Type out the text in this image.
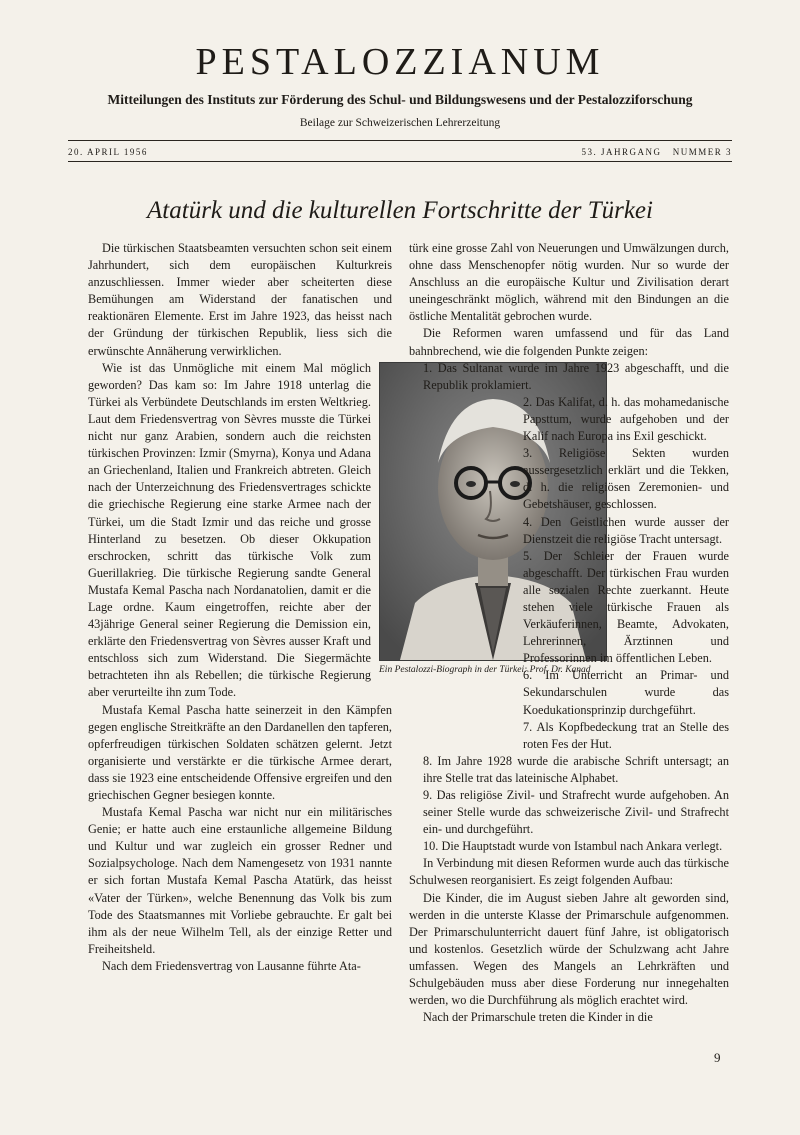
PESTALOZZIANUM
Mitteilungen des Instituts zur Förderung des Schul- und Bildungswesens und der Pestalozziforschung
Beilage zur Schweizerischen Lehrerzeitung
20. APRIL 1956	53. JAHRGANG   NUMMER 3
Atatürk und die kulturellen Fortschritte der Türkei

Die türkischen Staatsbeamten versuchten schon seit einem Jahrhundert, sich dem europäischen Kulturkreis anzuschliessen. Immer wieder aber scheiterten diese Bemühungen am Widerstand der fanatischen und reaktionären Elemente. Erst im Jahre 1923, das heisst nach der Gründung der türkischen Republik, liess sich die erwünschte Annäherung verwirklichen.

Ein Pestalozzi-Biograph in der Türkei: Prof. Dr. Kanad

Wie ist das Unmögliche mit einem Mal möglich geworden? Das kam so: Im Jahre 1918 unterlag die Türkei als Verbündete Deutschlands im ersten Weltkrieg. Laut dem Friedensvertrag von Sèvres musste die Türkei nicht nur ganz Arabien, sondern auch die reichsten türkischen Provinzen: Izmir (Smyrna), Konya und Adana an Griechenland, Italien und Frankreich abtreten. Gleich nach der Unterzeichnung des Friedensvertrages schickte die griechische Regierung eine starke Armee nach der Türkei, um die Stadt Izmir und das reiche und grosse Hinterland zu besetzen. Ob dieser Okkupation erschrocken, schritt das türkische Volk zum Guerillakrieg. Die türkische Regierung sandte General Mustafa Kemal Pascha nach Nordanatolien, damit er die Lage ordne. Kaum eingetroffen, reichte aber der 43jährige General seiner Regierung die Demission ein, erklärte den Friedensvertrag von Sèvres ausser Kraft und entschloss sich zum Widerstand. Die Siegermächte betrachteten ihn als Rebellen; die türkische Regierung aber verurteilte ihn zum Tode.

Mustafa Kemal Pascha hatte seinerzeit in den Kämpfen gegen englische Streitkräfte an den Dardanellen den tapferen, opferfreudigen türkischen Soldaten schätzen gelernt. Jetzt organisierte und verstärkte er die türkische Armee derart, dass sie 1923 eine entscheidende Offensive ergreifen und den griechischen Gegner besiegen konnte.

Mustafa Kemal Pascha war nicht nur ein militärisches Genie; er hatte auch eine erstaunliche allgemeine Bildung und Kultur und war zugleich ein grosser Redner und Sozialpsychologe. Nach dem Namengesetz von 1931 nannte er sich fortan Mustafa Kemal Pascha Atatürk, das heisst «Vater der Türken», welche Benennung das Volk bis zum Tode des Staatsmannes mit Vorliebe gebrauchte. Er galt bei ihm als der neue Wilhelm Tell, als der einzige Retter und Freiheitsheld.

Nach dem Friedensvertrag von Lausanne führte Ata-

türk eine grosse Zahl von Neuerungen und Umwälzungen durch, ohne dass Menschenopfer nötig wurden. Nur so wurde der Anschluss an die europäische Kultur und Zivilisation derart uneingeschränkt möglich, während mit den Bindungen an die östliche Mentalität gebrochen wurde.

Die Reformen waren umfassend und für das Land bahnbrechend, wie die folgenden Punkte zeigen:

1. Das Sultanat wurde im Jahre 1923 abgeschafft, und die Republik proklamiert.

2. Das Kalifat, d. h. das mohamedanische Papsttum, wurde aufgehoben und der Kalif nach Europa ins Exil geschickt.

3. Religiöse Sekten wurden aussergesetzlich erklärt und die Tekken, d. h. die religiösen Zeremonien- und Gebetshäuser, geschlossen.

4. Den Geistlichen wurde ausser der Dienstzeit die religiöse Tracht untersagt.

5. Der Schleier der Frauen wurde abgeschafft. Der türkischen Frau wurden alle sozialen Rechte zuerkannt. Heute stehen viele türkische Frauen als Verkäuferinnen, Beamte, Advokaten, Lehrerinnen, Ärztinnen und Professorinnen im öffentlichen Leben.

6. Im Unterricht an Primar- und Sekundarschulen wurde das Koedukationsprinzip durchgeführt.

7. Als Kopfbedeckung trat an Stelle des roten Fes der Hut.

8. Im Jahre 1928 wurde die arabische Schrift untersagt; an ihre Stelle trat das lateinische Alphabet.

9. Das religiöse Zivil- und Strafrecht wurde aufgehoben. An seiner Stelle wurde das schweizerische Zivil- und Strafrecht ein- und durchgeführt.

10. Die Hauptstadt wurde von Istambul nach Ankara verlegt.

In Verbindung mit diesen Reformen wurde auch das türkische Schulwesen reorganisiert. Es zeigt folgenden Aufbau:

Die Kinder, die im August sieben Jahre alt geworden sind, werden in die unterste Klasse der Primarschule aufgenommen. Der Primarschulunterricht dauert fünf Jahre, ist obligatorisch und kostenlos. Gesetzlich würde der Schulzwang acht Jahre umfassen. Wegen des Mangels an Lehrkräften und Schulgebäuden muss aber diese Forderung nur innegehalten werden, wo die Durchführung als möglich erachtet wird.

Nach der Primarschule treten die Kinder in die

9
